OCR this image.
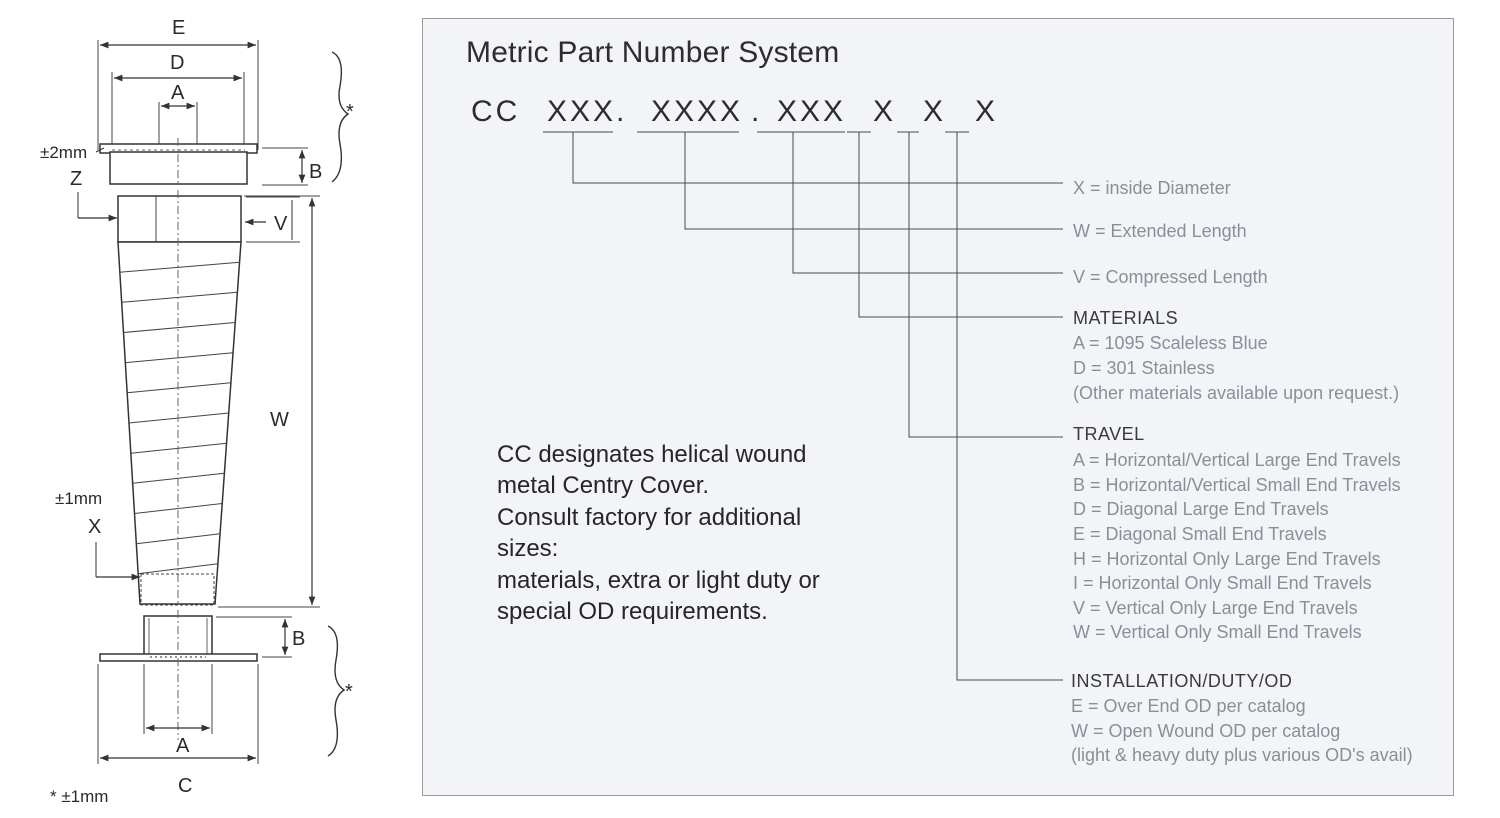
E
D
A
±2mm
B
*
Z
V
W
±1mm
X
B
*
A
C
* ±1mm
Metric Part Number System
CC XXX. XXXX . XXX X X X
X = inside Diameter
W = Extended Length
V = Compressed Length
MATERIALS
A = 1095 Scaleless Blue
D = 301 Stainless
(Other materials available upon request.)
TRAVEL
A = Horizontal/Vertical Large End Travels
B = Horizontal/Vertical Small End Travels
D = Diagonal Large End Travels
E = Diagonal Small End Travels
H = Horizontal Only Large End Travels
I = Horizontal Only Small End Travels
V = Vertical Only Large End Travels
W = Vertical Only Small End Travels
INSTALLATION/DUTY/OD
E = Over End OD per catalog
W = Open Wound OD per catalog
(light & heavy duty plus various OD's avail)
CC designates helical wound
metal Centry Cover.
Consult factory for additional
sizes:
materials, extra or light duty or
special OD requirements.
